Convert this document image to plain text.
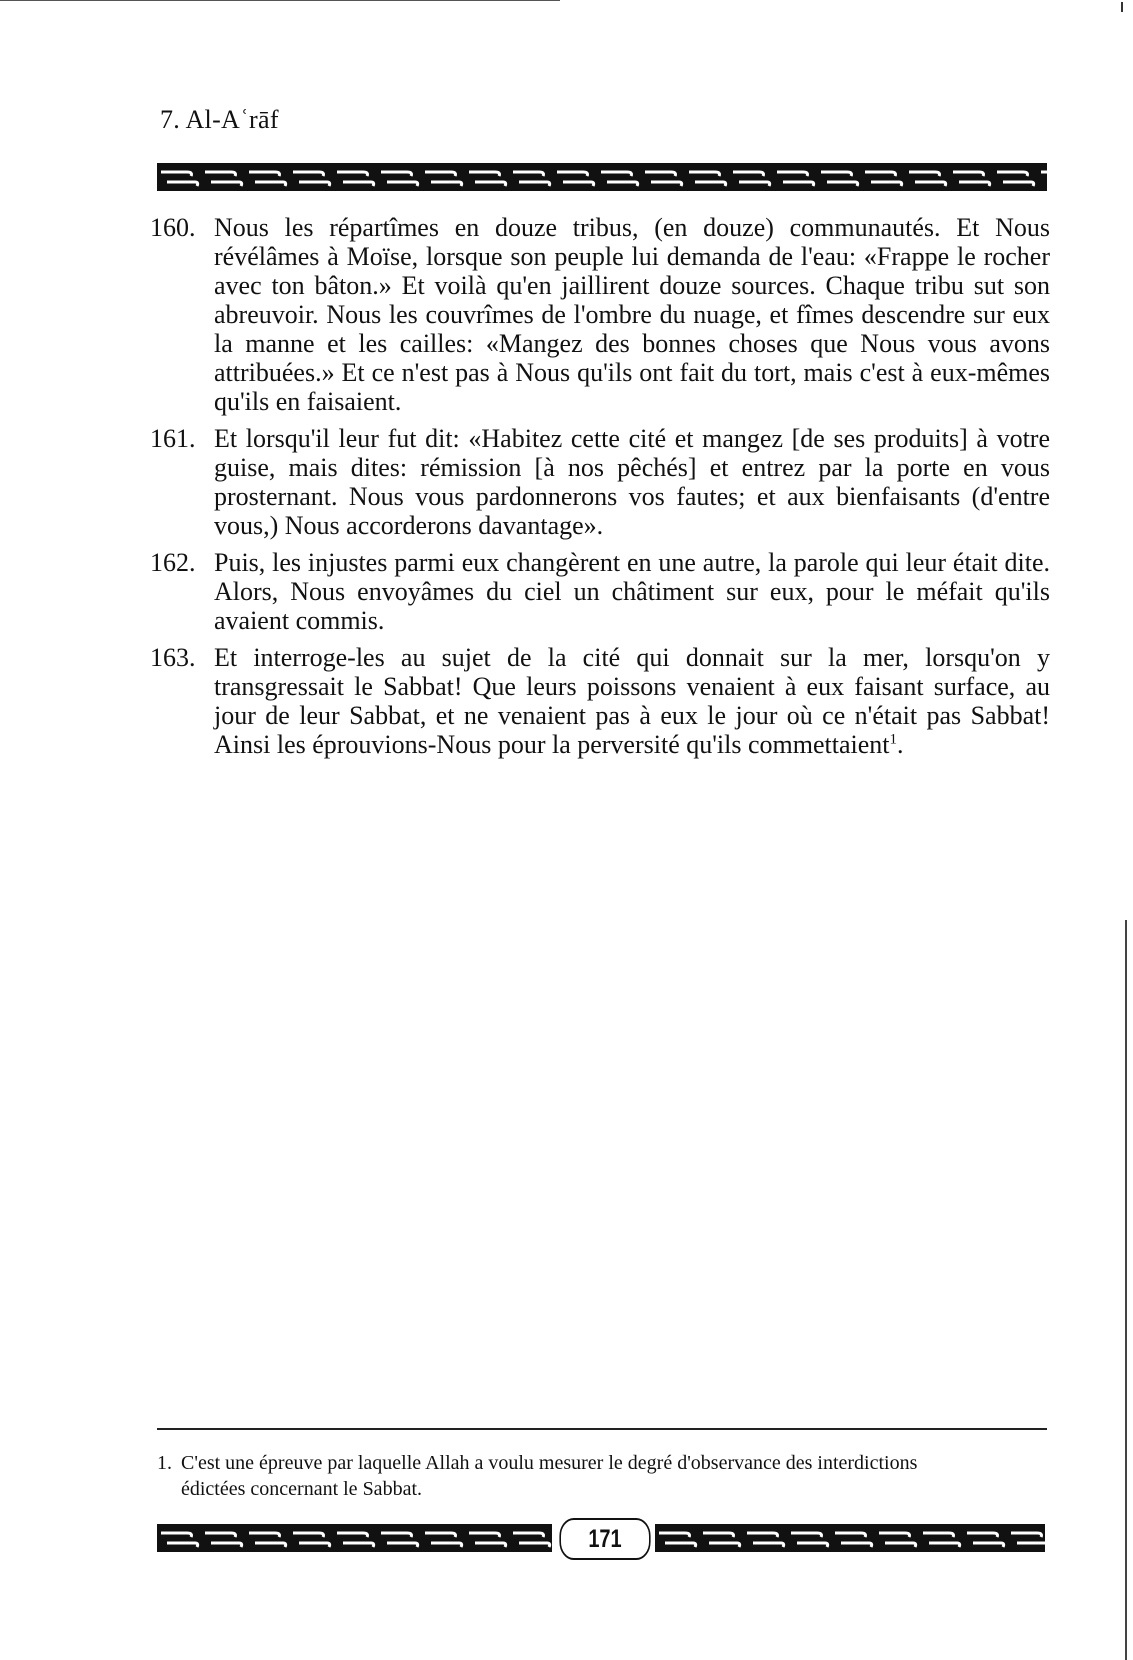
7. Al-Aʿrāf
160. Nous les répartîmes en douze tribus, (en douze) communautés. Et Nous révélâmes à Moïse, lorsque son peuple lui demanda de l'eau: «Frappe le rocher avec ton bâton.» Et voilà qu'en jaillirent douze sources. Chaque tribu sut son abreuvoir. Nous les couvrîmes de l'ombre du nuage, et fîmes descendre sur eux la manne et les cailles: «Mangez des bonnes choses que Nous vous avons attribuées.» Et ce n'est pas à Nous qu'ils ont fait du tort, mais c'est à eux-mêmes qu'ils en faisaient.
161. Et lorsqu'il leur fut dit: «Habitez cette cité et mangez [de ses produits] à votre guise, mais dites: rémission [à nos pêchés] et entrez par la porte en vous prosternant. Nous vous pardonnerons vos fautes; et aux bienfaisants (d'entre vous,) Nous accorderons davantage».
162. Puis, les injustes parmi eux changèrent en une autre, la parole qui leur était dite. Alors, Nous envoyâmes du ciel un châtiment sur eux, pour le méfait qu'ils avaient commis.
163. Et interroge-les au sujet de la cité qui donnait sur la mer, lorsqu'on y transgressait le Sabbat! Que leurs poissons venaient à eux faisant surface, au jour de leur Sabbat, et ne venaient pas à eux le jour où ce n'était pas Sabbat! Ainsi les éprouvions-Nous pour la perversité qu'ils commettaient$^1$.
1. C'est une épreuve par laquelle Allah a voulu mesurer le degré d'observance des interdictions
édictées concernant le Sabbat.
171
